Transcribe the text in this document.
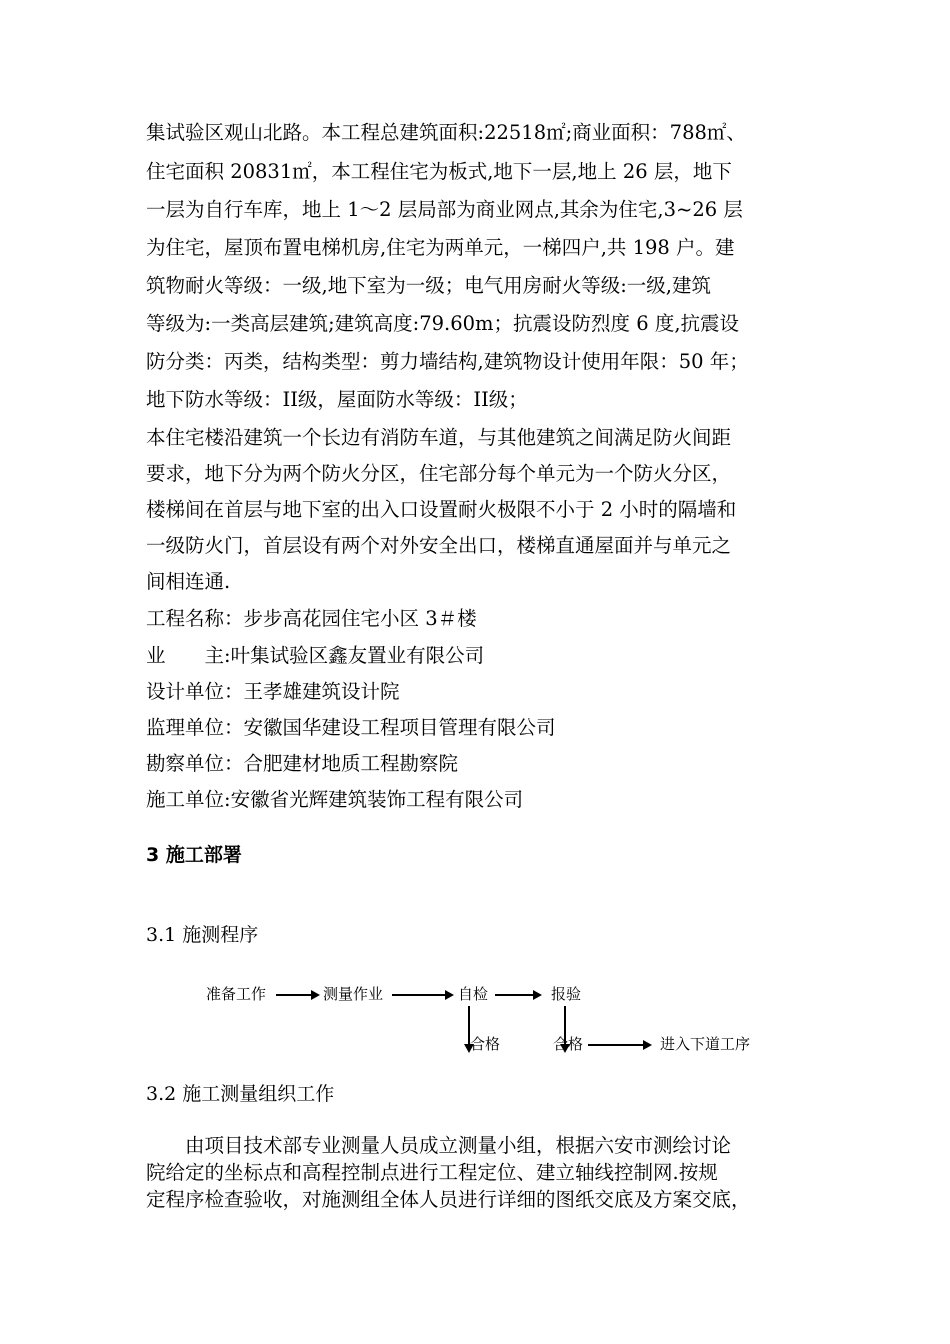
集试验区观山北路。本工程总建筑面积:22518㎡;商业面积：788㎡、
住宅面积 20831㎡，本工程住宅为板式,地下一层,地上 26 层，地下
一层为自行车库，地上 1～2 层局部为商业网点,其余为住宅,3~26 层
为住宅，屋顶布置电梯机房,住宅为两单元，一梯四户,共 198 户。建
筑物耐火等级：一级,地下室为一级；电气用房耐火等级:一级,建筑
等级为:一类高层建筑;建筑高度:79.60m；抗震设防烈度 6 度,抗震设
防分类：丙类，结构类型：剪力墙结构,建筑物设计使用年限：50 年；
地下防水等级：II级，屋面防水等级：II级；
本住宅楼沿建筑一个长边有消防车道，与其他建筑之间满足防火间距
要求，地下分为两个防火分区，住宅部分每个单元为一个防火分区，
楼梯间在首层与地下室的出入口设置耐火极限不小于 2 小时的隔墙和
一级防火门，首层设有两个对外安全出口，楼梯直通屋面并与单元之
间相连通.
工程名称：步步高花园住宅小区 3＃楼
业　　主:叶集试验区鑫友置业有限公司
设计单位：王孝雄建筑设计院
监理单位：安徽国华建设工程项目管理有限公司
勘察单位：合肥建材地质工程勘察院
施工单位:安徽省光辉建筑装饰工程有限公司
3 施工部署
3.1 施测程序
准备工作	测量作业	自检	报验
合格	合格	进入下道工序
3.2 施工测量组织工作
　　由项目技术部专业测量人员成立测量小组，根据六安市测绘讨论
院给定的坐标点和高程控制点进行工程定位、建立轴线控制网.按规
定程序检查验收，对施测组全体人员进行详细的图纸交底及方案交底，
